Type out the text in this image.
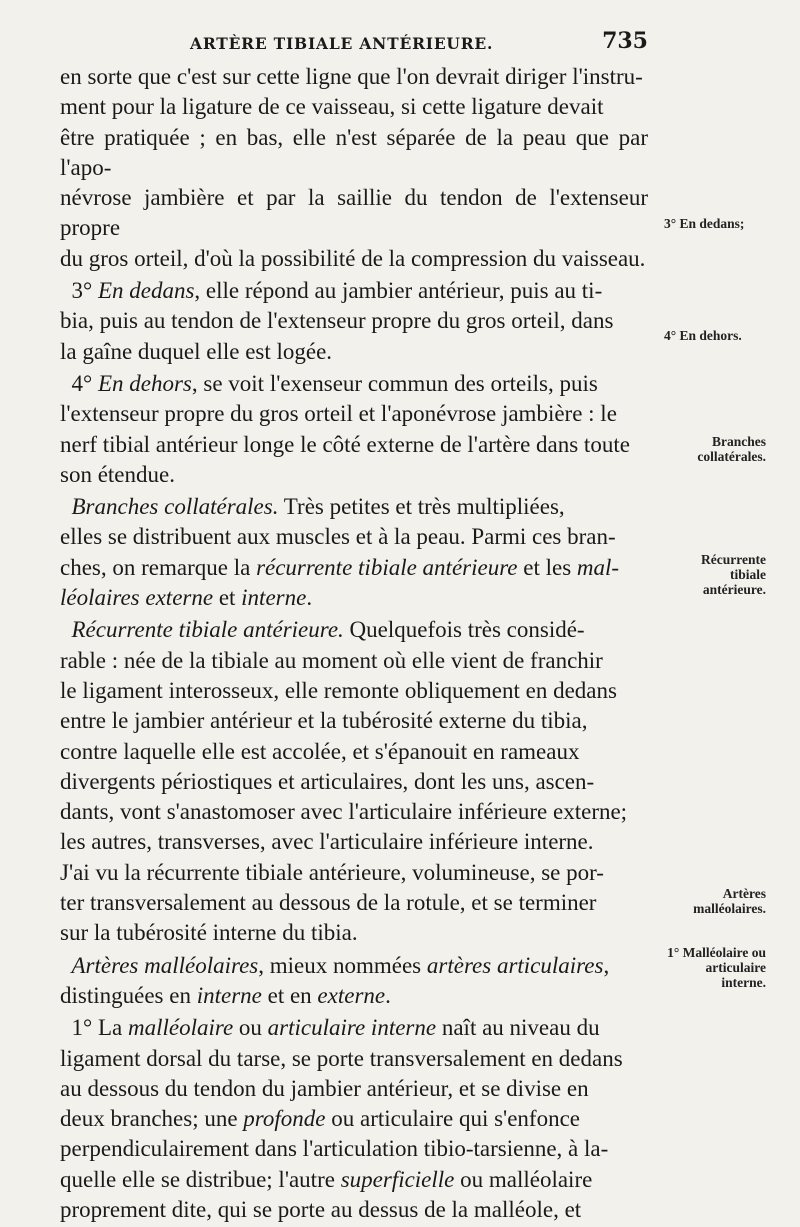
ARTÈRE TIBIALE ANTÉRIEURE.	735

en sorte que c'est sur cette ligne que l'on devrait diriger l'instru-
ment pour la ligature de ce vaisseau, si cette ligature devait
être pratiquée ; en bas, elle n'est séparée de la peau que par l'apo-
névrose jambière et par la saillie du tendon de l'extenseur propre
du gros orteil, d'où la possibilité de la compression du vaisseau.

3° En dedans, elle répond au jambier antérieur, puis au ti-
bia, puis au tendon de l'extenseur propre du gros orteil, dans
la gaîne duquel elle est logée.

4° En dehors, se voit l'exenseur commun des orteils, puis
l'extenseur propre du gros orteil et l'aponévrose jambière : le
nerf tibial antérieur longe le côté externe de l'artère dans toute
son étendue.

Branches collatérales. Très petites et très multipliées,
elles se distribuent aux muscles et à la peau. Parmi ces bran-
ches, on remarque la récurrente tibiale antérieure et les mal-
léolaires externe et interne.

Récurrente tibiale antérieure. Quelquefois très considé-
rable : née de la tibiale au moment où elle vient de franchir
le ligament interosseux, elle remonte obliquement en dedans
entre le jambier antérieur et la tubérosité externe du tibia,
contre laquelle elle est accolée, et s'épanouit en rameaux
divergents périostiques et articulaires, dont les uns, ascen-
dants, vont s'anastomoser avec l'articulaire inférieure externe;
les autres, transverses, avec l'articulaire inférieure interne.
J'ai vu la récurrente tibiale antérieure, volumineuse, se por-
ter transversalement au dessous de la rotule, et se terminer
sur la tubérosité interne du tibia.

Artères malléolaires, mieux nommées artères articulaires,
distinguées en interne et en externe.

1° La malléolaire ou articulaire interne naît au niveau du
ligament dorsal du tarse, se porte transversalement en dedans
au dessous du tendon du jambier antérieur, et se divise en
deux branches; une profonde ou articulaire qui s'enfonce
perpendiculairement dans l'articulation tibio-tarsienne, à la-
quelle elle se distribue; l'autre superficielle ou malléolaire
proprement dite, qui se porte au dessus de la malléole, et

3° En dedans;
4° En dehors.
Branches collatérales.
Récurrente tibiale antérieure.
Artères malléolaires.
1° Malléolaire ou articulaire interne.
